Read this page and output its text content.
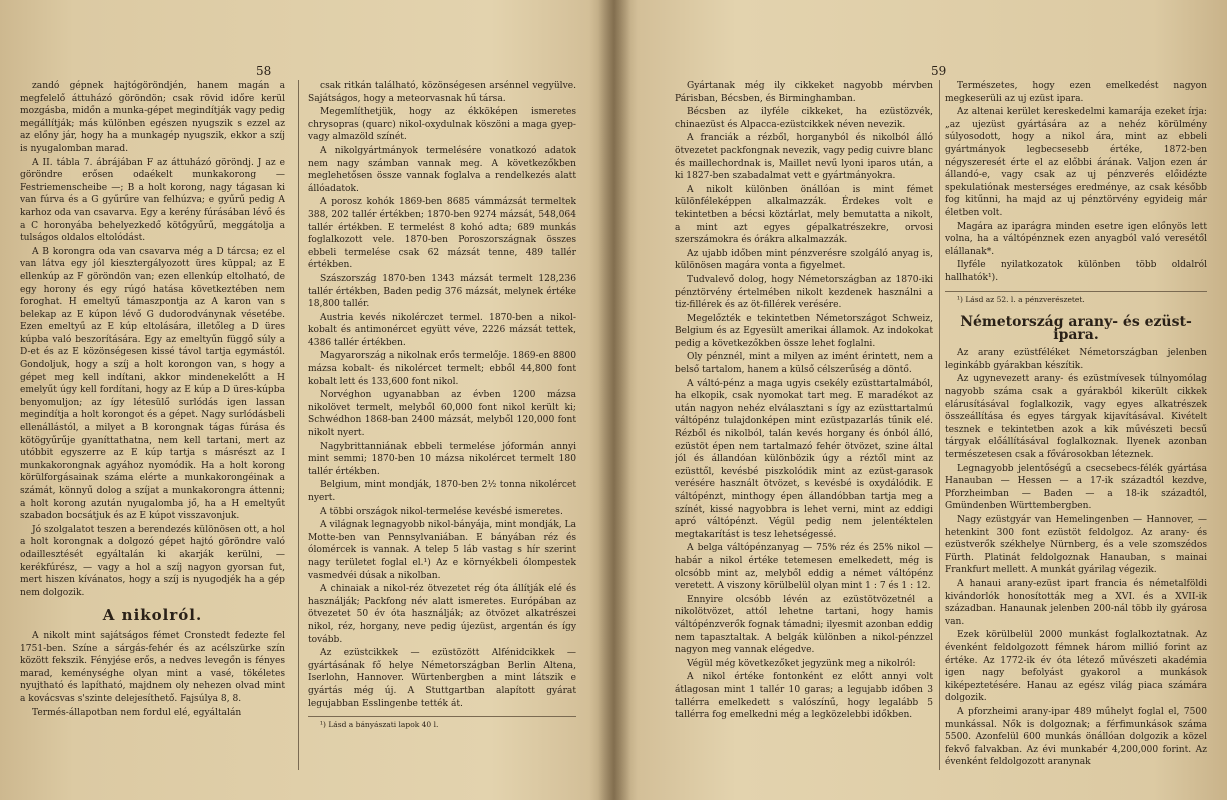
58

zandó gépnek hajtógöröndjén, hanem magán a megfelelő áttuházó göröndön; csak rövid időre kerül mozgásba, midőn a munka-gépet megindítják vagy pedig megállítják; más különben egészen nyugszik s ezzel az az előny jár, hogy ha a munkagép nyugszik, ekkor a szíj is nyugalomban marad.

A II. tábla 7. ábrájában F az áttuházó göröndj. J az e göröndre erősen odaékelt munkakorong — Festriemenscheibe —; B a holt korong, nagy tágasan ki van fúrva és a G gyűrűre van felhúzva; e gyűrű pedig A karhoz oda van csavarva. Egy a kerény fúrásában lévő és a C horonyába behelyezkedő kötőgyűrű, meggátolja a tulságos oldalos eltolódást.

A B korongra oda van csavarva még a D tárcsa; ez el van látva egy jól kiesztergályozott üres küppal; az E ellenkúp az F göröndön van; ezen ellenkúp eltolható, de egy horony és egy rúgó hatása következtében nem foroghat. H emeltyű támaszpontja az A karon van s belekap az E kúpon lévő G dudorodványnak vésetébe. Ezen emeltyű az E kúp eltolására, illetőleg a D üres kúpba való beszorítására. Egy az emeltyűn függő súly a D-et és az E közönségesen kissé távol tartja egymástól. Gondoljuk, hogy a szíj a holt korongon van, s hogy a gépet meg kell indítani, akkor mindenekelőtt a H emelyűt úgy kell fordítani, hogy az E kúp a D üres-kúpba benyomuljon; az így létesülő surlódás igen lassan megindítja a holt korongot és a gépet. Nagy surlódásbeli ellenállástól, a milyet a B korongnak tágas fúrása és kötögyűrűje gyaníttathatna, nem kell tartani, mert az utóbbit egyszerre az E kúp tartja s másrészt az I munkakorongnak agyához nyomódik. Ha a holt korong körülforgásainak száma elérte a munkakorongéinak a számát, könnyű dolog a szíjat a munkakorongra áttenni; a holt korong azután nyugalomba jő, ha a H emeltyűt szabadon bocsátjuk és az E kúpot visszavonjuk.

Jó szolgalatot teszen a berendezés különösen ott, a hol a holt korongnak a dolgozó gépet hajtó göröndre való odaillesztését egyáltalán ki akarják kerülni, — kerékfúrész, — vagy a hol a szíj nagyon gyorsan fut, mert hiszen kívánatos, hogy a szíj is nyugodjék ha a gép nem dolgozik.

A nikolról.

A nikolt mint sajátságos fémet Cronstedt fedezte fel 1751-ben. Színe a sárgás-fehér és az acélszürke szín között fekszik. Fényjése erős, a nedves levegőn is fényes marad, keménységhe olyan mint a vasé, tökéletes nyujtható és lapítható, majdnem oly nehezen olvad mint a kovácsvas s'szinte delejesíthető. Fajsúlya 8, 8.

Termés-állapotban nem fordul elé, egyáltalán

csak ritkán található, közönségesen arsénnel vegyülve. Sajátságos, hogy a meteorvasnak hű társa.

Megemlíthetjük, hogy az ékköképen ismeretes chrysopras (quarc) nikol-oxydulnak köszöni a maga gyep- vagy almazöld színét.

A nikolgyártmányok termelésére vonatkozó adatok nem nagy számban vannak meg. A következőkben meglehetősen össze vannak foglalva a rendelkezés alatt állóadatok.

A porosz kohók 1869-ben 8685 vámmázsát termeltek 388, 202 tallér értékben; 1870-ben 9274 mázsát, 548,064 tallér értékben. E termelést 8 kohó adta; 689 munkás foglalkozott vele. 1870-ben Poroszországnak összes ebbeli termelése csak 62 mázsát tenne, 489 tallér értékben.

Szászország 1870-ben 1343 mázsát termelt 128,236 tallér értékben, Baden pedig 376 mázsát, melynek értéke 18,800 tallér.

Austria kevés nikolérczet termel. 1870-ben a nikol-kobalt és antimonércet együtt véve, 2226 mázsát tettek, 4386 tallér értékben.

Magyarország a nikolnak erős termelője. 1869-en 8800 mázsa kobalt- és nikolércet termelt; ebből 44,800 font kobalt lett és 133,600 font nikol.

Norvéghon ugyanabban az évben 1200 mázsa nikolövet termelt, melyből 60,000 font nikol került ki; Schwédhon 1868-ban 2400 mázsát, melyből 120,000 font nikolt nyert.

Nagybrittanniának ebbeli termelése jóformán annyi mint semmi; 1870-ben 10 mázsa nikolércet termelt 180 tallér értékben.

Belgium, mint mondják, 1870-ben 2½ tonna nikolércet nyert.

A többi országok nikol-termelése kevésbé ismeretes.

A világnak legnagyobb nikol-bányája, mint mondják, La Motte-ben van Pennsylvaniában. E bányában réz és ólomércek is vannak. A telep 5 láb vastag s hír szerint nagy területet foglal el.¹) Az e környékbeli ólompestek vasmedvéi dúsak a nikolban.

A chinaiak a nikol-réz ötvezetet rég óta állítják elé és használják; Packfong név alatt ismeretes. Európában az ötvezetet 50 év óta használják; az ötvözet alkatrészei nikol, réz, horgany, neve pedig újezüst, argentán és így tovább.

Az ezüstcikkek — ezüstözött Alfénidcikkek — gyártásának fő helye Németországban Berlin Altena, Iserlohn, Hannover. Würtenbergben a mint látszik e gyártás még új. A Stuttgartban alapított gyárat legujabban Esslingenbe tették át.

¹) Lásd a bányászati lapok 40 l.

59

Gyártanak még ily cikkeket nagyobb mérvben Párisban, Bécsben, és Birminghamban.

Bécsben az ilyféle cikkeket, ha ezüstözvék, chinaezüst és Alpacca-ezüstcikkek néven nevezik.

A franciák a rézből, horganyból és nikolból álló ötvezetet packfongnak nevezik, vagy pedig cuivre blanc és maillechordnak is, Maillet nevű lyoni iparos után, a ki 1827-ben szabadalmat vett e gyártmányokra.

A nikolt különben önállóan is mint fémet különféleképpen alkalmazzák. Érdekes volt e tekintetben a bécsi köztárlat, mely bemutatta a nikolt, a mint azt egyes gépalkatrészekre, orvosi szerszámokra és órákra alkalmazzák.

Az ujabb időben mint pénzverésre szolgáló anyag is, különösen magára vonta a figyelmet.

Tudvalevő dolog, hogy Németországban az 1870-iki pénztörvény értelmében nikolt kezdenek használni a tiz-fillérek és az öt-fillérek verésére.

Megelőzték e tekintetben Németországot Schweiz, Belgium és az Egyesült amerikai államok. Az indokokat pedig a következőkben össze lehet foglalni.

Oly pénznél, mint a milyen az imént érintett, nem a belső tartalom, hanem a külső célszerűség a döntő.

A váltó-pénz a maga ugyis csekély ezüsttartalmából, ha elkopik, csak nyomokat tart meg. E maradékot az után nagyon nehéz elválasztani s így az ezüsttartalmú váltópénz tulajdonképen mint ezüstpazarlás tűnik elé. Rézből és nikolból, talán kevés horgany és ónból álló, ezüstöt épen nem tartalmazó fehér ötvözet, szine által jól és állandóan különbözik úgy a réztől mint az ezüsttől, kevésbé piszkolódik mint az ezüst-garasok verésére használt ötvözet, s kevésbé is oxydálódik. E váltópénzt, minthogy épen állandóbban tartja meg a színét, kissé nagyobbra is lehet verni, mint az eddigi apró váltópénzt. Végül pedig nem jelentéktelen megtakarítást is tesz lehetségessé.

A belga váltópénzanyag — 75% réz és 25% nikol — habár a nikol értéke tetemesen emelkedett, még is olcsóbb mint az, melyből eddig a német váltópénz veretett. A viszony körülbelül olyan mint 1 : 7 és 1 : 12.

Ennyire olcsóbb lévén az ezüstötvözetnél a nikolötvözet, attól lehetne tartani, hogy hamis váltópénzverők fognak támadni; ilyesmit azonban eddig nem tapasztaltak. A belgák különben a nikol-pénzzel nagyon meg vannak elégedve.

Végül még következőket jegyzünk meg a nikolról:

A nikol értéke fontonként ez előtt annyi volt átlagosan mint 1 tallér 10 garas; a legujabb időben 3 tallérra emelkedett s valószínű, hogy legalább 5 tallérra fog emelkedni még a legközelebbi időkben.

Természetes, hogy ezen emelkedést nagyon megkeserüli az uj ezüst ipara.

Az altenai kerület kereskedelmi kamarája ezeket írja: „az ujezüst gyártására az a nehéz körülmény súlyosodott, hogy a nikol ára, mint az ebbeli gyártmányok legbecsesebb értéke, 1872-ben négyszeresét érte el az előbbi árának. Valjon ezen ár állandó-e, vagy csak az uj pénzverés előidézte spekulatiónak mesterséges eredménye, az csak később fog kitűnni, ha majd az uj pénztörvény egyideig már életben volt.

Magára az iparágra minden esetre igen előnyös lett volna, ha a váltópénznek ezen anyagból való veresétől elállanak*.

Ilyféle nyilatkozatok különben több oldalról hallhatók¹).

¹) Lásd az 52. l. a pénzverészetet.

Németország arany- és ezüst-ipara.

Az arany ezüstféléket Németországban jelenben leginkább gyárakban készítik.

Az ugynevezett arany- és ezüstmívesek túlnyomólag nagyobb száma csak a gyárakból kikerült cikkek elárusításával foglalkozik, vagy egyes alkatrészek összeállítása és egyes tárgyak kijavításával. Kivételt tesznek e tekintetben azok a kik művészeti becsű tárgyak előállításával foglalkoznak. Ilyenek azonban természetesen csak a fővárosokban léteznek.

Legnagyobb jelentőségű a csecsebecs-félék gyártása Hanauban — Hessen — a 17-ik századtól kezdve, Pforzheimban — Baden — a 18-ik századtól, Gmündenben Württembergben.

Nagy ezüstgyár van Hemelingenben — Hannover, — hetenkint 300 font ezüstöt feldolgoz. Az arany- és ezüstverők székhelye Nürnberg, és a vele szomszédos Fürth. Platinát feldolgoznak Hanauban, s mainai Frankfurt mellett. A munkát gyárilag végezik.

A hanaui arany-ezüst ipart francia és németalföldi kivándorlók honosították meg a XVI. és a XVII-ik században. Hanaunak jelenben 200-nál több ily gyárosa van.

Ezek körülbelül 2000 munkást foglalkoztatnak. Az évenként feldolgozott fémnek három millió forint az értéke. Az 1772-ik év óta létező művészeti akadémia igen nagy befolyást gyakorol a munkások kiképeztetésére. Hanau az egész világ piaca számára dolgozik.

A pforzheimi arany-ipar 489 műhelyt foglal el, 7500 munkással. Nők is dolgoznak; a férfimunkások száma 5500. Azonfelül 600 munkás önállóan dolgozik a közel fekvő falvakban. Az évi munkabér 4,200,000 forint. Az évenként feldolgozott aranynak
